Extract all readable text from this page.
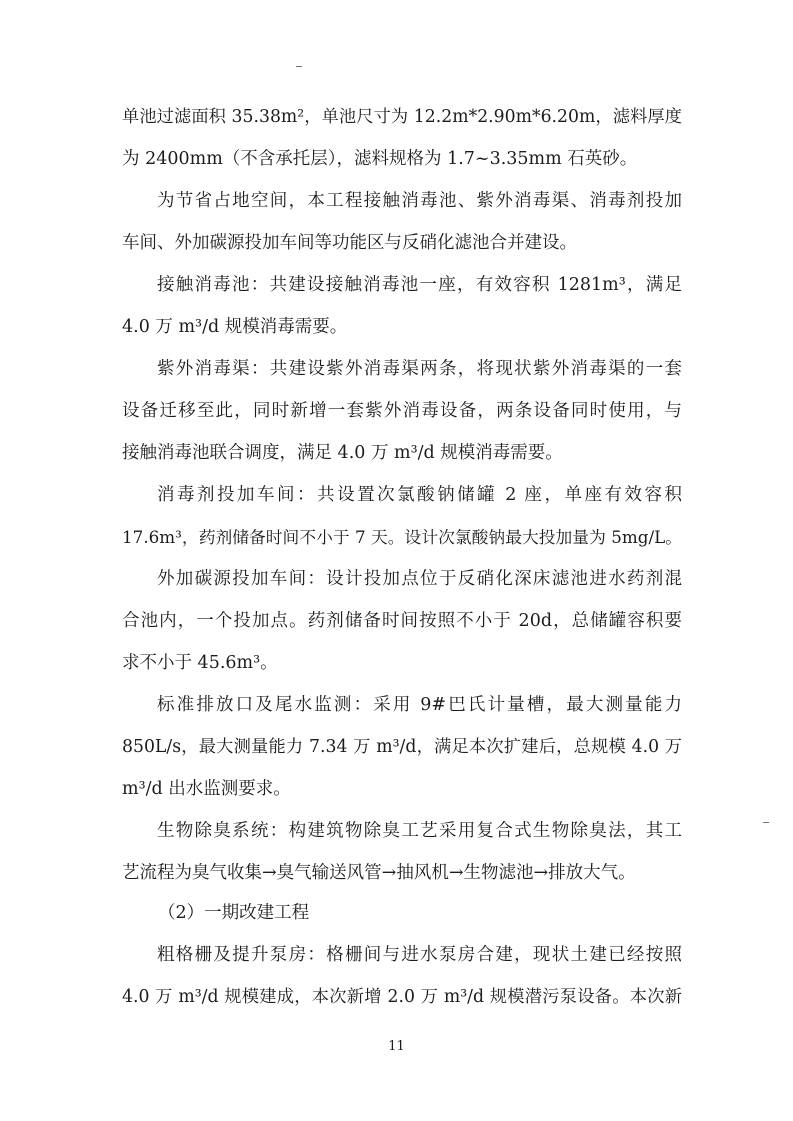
单池过滤面积 35.38m²，单池尺寸为 12.2m*2.90m*6.20m，滤料厚度
为 2400mm（不含承托层），滤料规格为 1.7~3.35mm 石英砂。
为节省占地空间，本工程接触消毒池、紫外消毒渠、消毒剂投加
车间、外加碳源投加车间等功能区与反硝化滤池合并建设。
接触消毒池：共建设接触消毒池一座，有效容积 1281m³，满足
4.0 万 m³/d 规模消毒需要。
紫外消毒渠：共建设紫外消毒渠两条，将现状紫外消毒渠的一套
设备迁移至此，同时新增一套紫外消毒设备，两条设备同时使用，与
接触消毒池联合调度，满足 4.0 万 m³/d 规模消毒需要。
消毒剂投加车间：共设置次氯酸钠储罐 2 座，单座有效容积
17.6m³，药剂储备时间不小于 7 天。设计次氯酸钠最大投加量为 5mg/L。
外加碳源投加车间：设计投加点位于反硝化深床滤池进水药剂混
合池内，一个投加点。药剂储备时间按照不小于 20d，总储罐容积要
求不小于 45.6m³。
标准排放口及尾水监测：采用 9#巴氏计量槽，最大测量能力
850L/s，最大测量能力 7.34 万 m³/d，满足本次扩建后，总规模 4.0 万
m³/d 出水监测要求。
生物除臭系统：构建筑物除臭工艺采用复合式生物除臭法，其工
艺流程为臭气收集→臭气输送风管→抽风机→生物滤池→排放大气。
（2）一期改建工程
粗格栅及提升泵房：格栅间与进水泵房合建，现状土建已经按照
4.0 万 m³/d 规模建成，本次新增 2.0 万 m³/d 规模潜污泵设备。本次新
11
